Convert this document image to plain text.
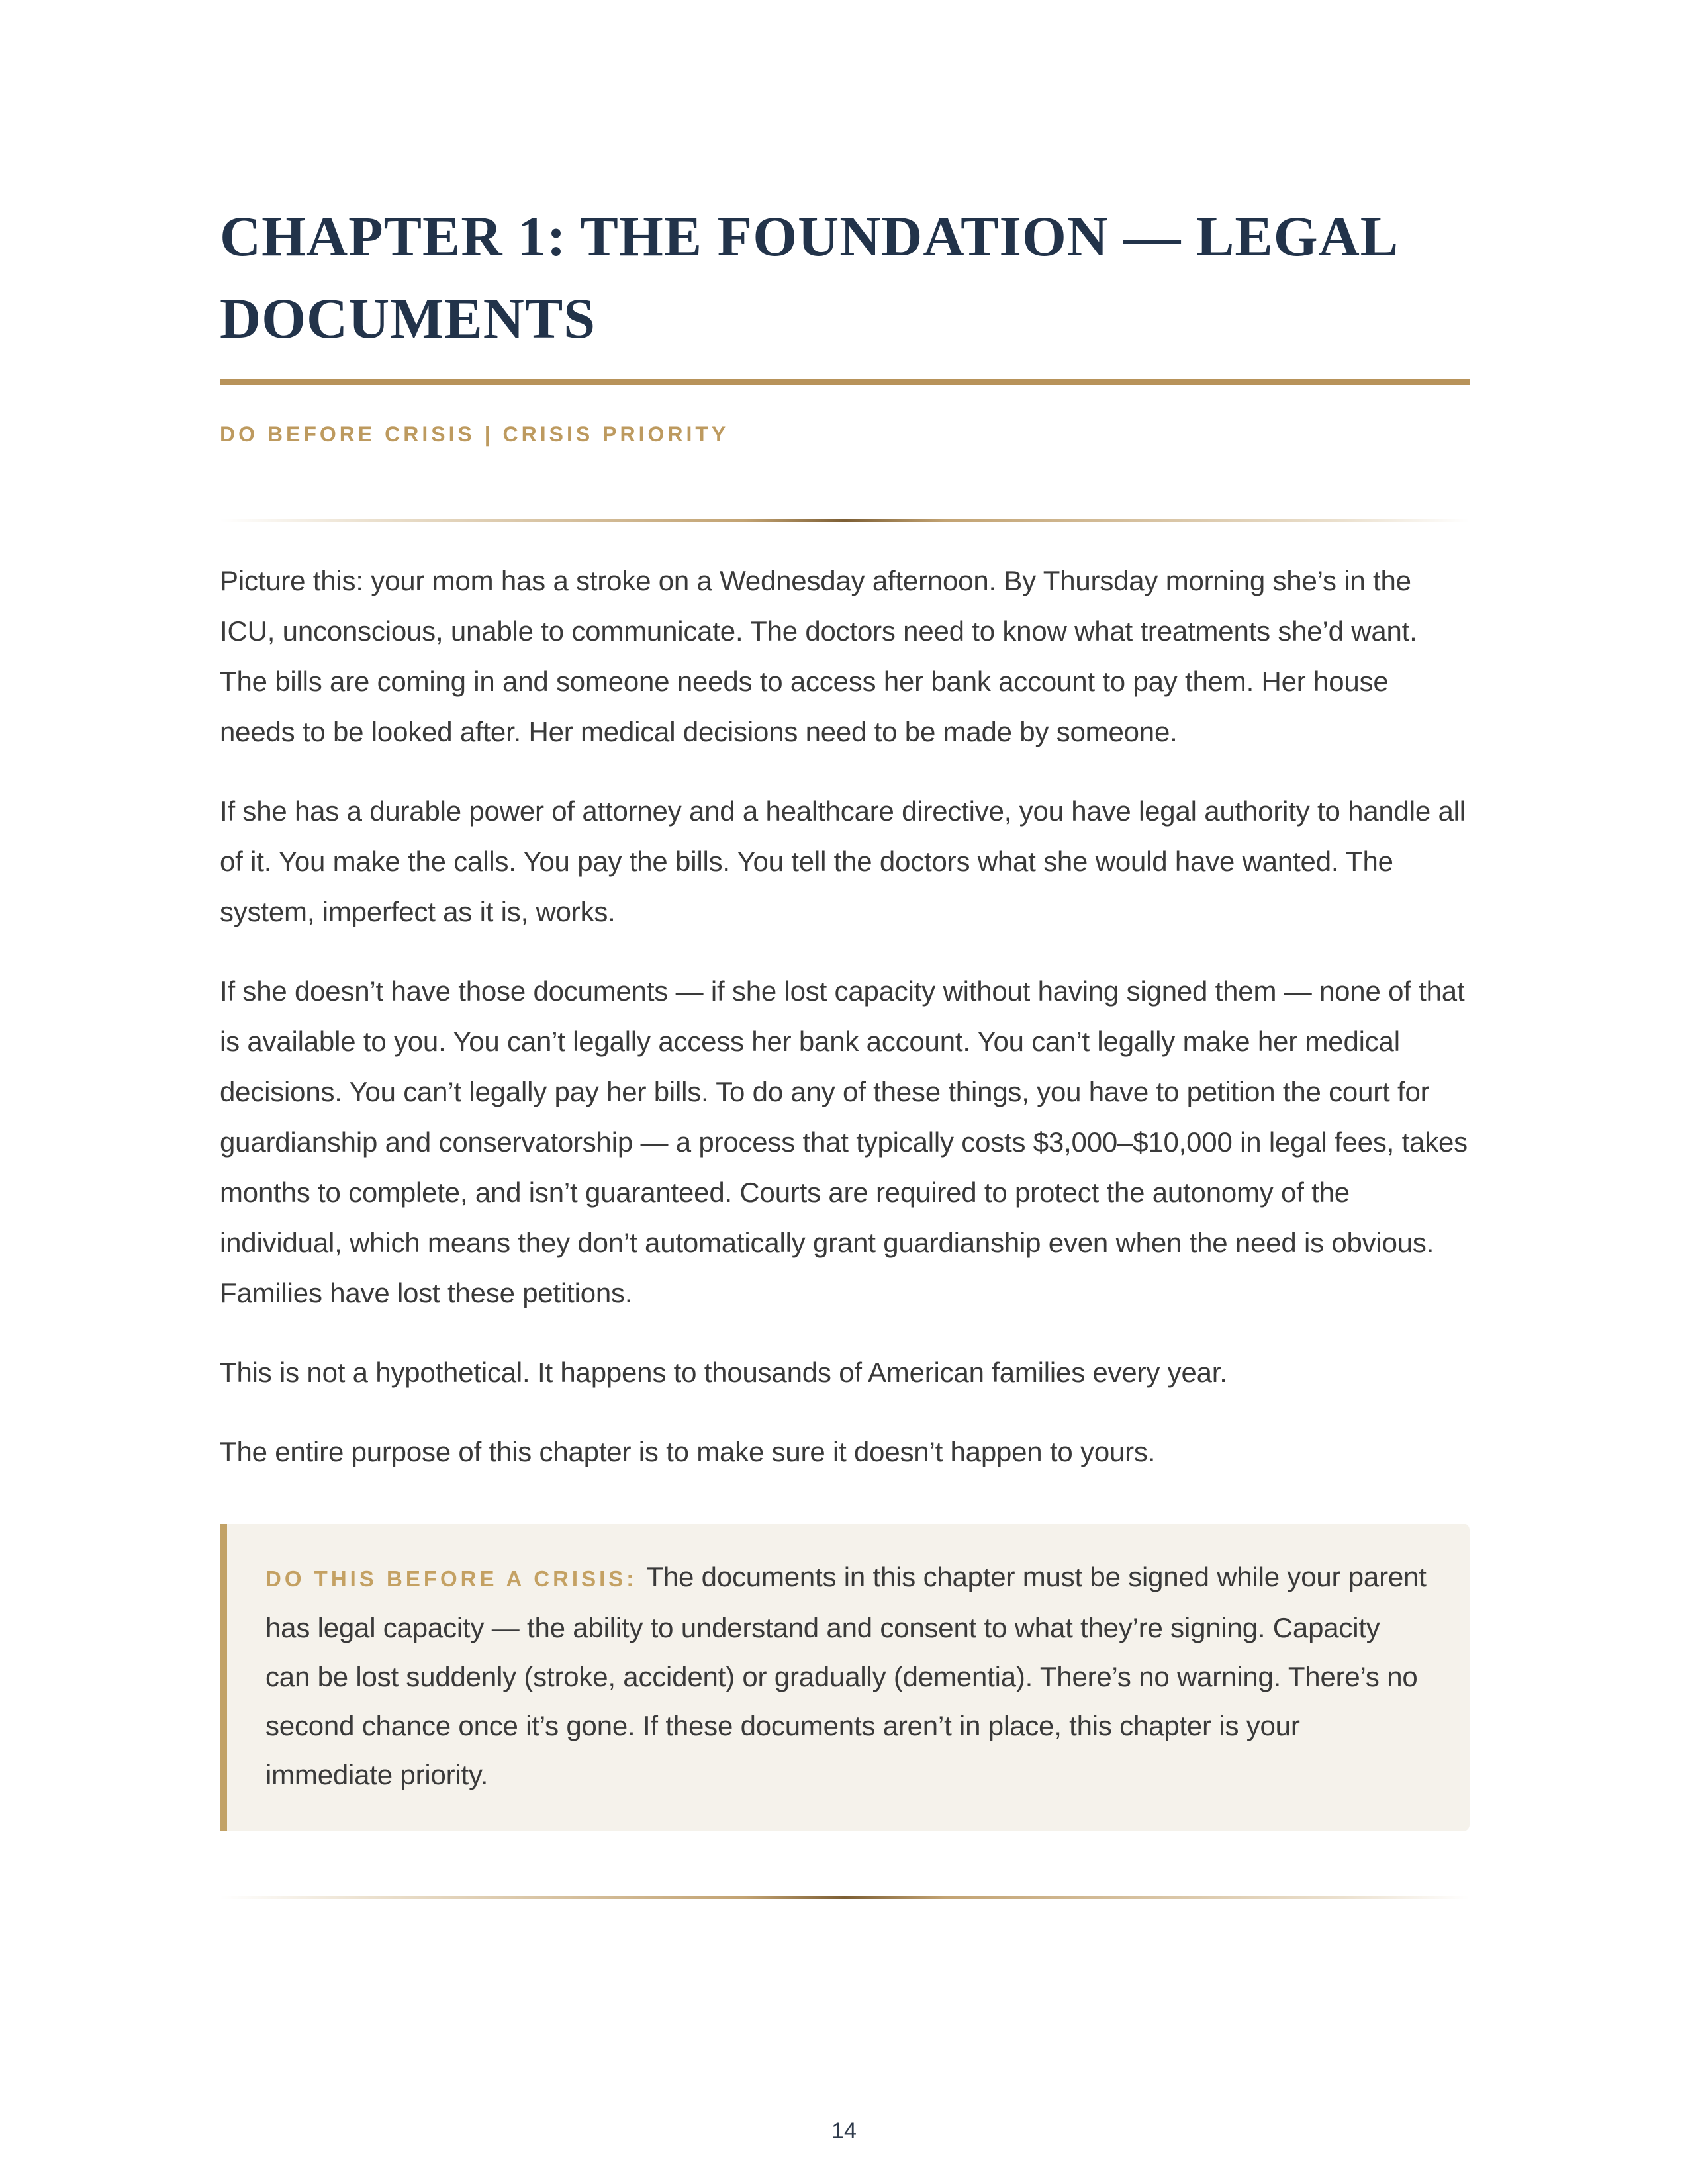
CHAPTER 1: THE FOUNDATION — LEGAL DOCUMENTS
DO BEFORE CRISIS | CRISIS PRIORITY

Picture this: your mom has a stroke on a Wednesday afternoon. By Thursday morning she’s in the ICU, unconscious, unable to communicate. The doctors need to know what treatments she’d want. The bills are coming in and someone needs to access her bank account to pay them. Her house needs to be looked after. Her medical decisions need to be made by someone.

If she has a durable power of attorney and a healthcare directive, you have legal authority to handle all of it. You make the calls. You pay the bills. You tell the doctors what she would have wanted. The system, imperfect as it is, works.

If she doesn’t have those documents — if she lost capacity without having signed them — none of that is available to you. You can’t legally access her bank account. You can’t legally make her medical decisions. You can’t legally pay her bills. To do any of these things, you have to petition the court for guardianship and conservatorship — a process that typically costs $3,000–$10,000 in legal fees, takes months to complete, and isn’t guaranteed. Courts are required to protect the autonomy of the individual, which means they don’t automatically grant guardianship even when the need is obvious. Families have lost these petitions.

This is not a hypothetical. It happens to thousands of American families every year.

The entire purpose of this chapter is to make sure it doesn’t happen to yours.

DO THIS BEFORE A CRISIS: The documents in this chapter must be signed while your parent has legal capacity — the ability to understand and consent to what they’re signing. Capacity can be lost suddenly (stroke, accident) or gradually (dementia). There’s no warning. There’s no second chance once it’s gone. If these documents aren’t in place, this chapter is your immediate priority.
14
